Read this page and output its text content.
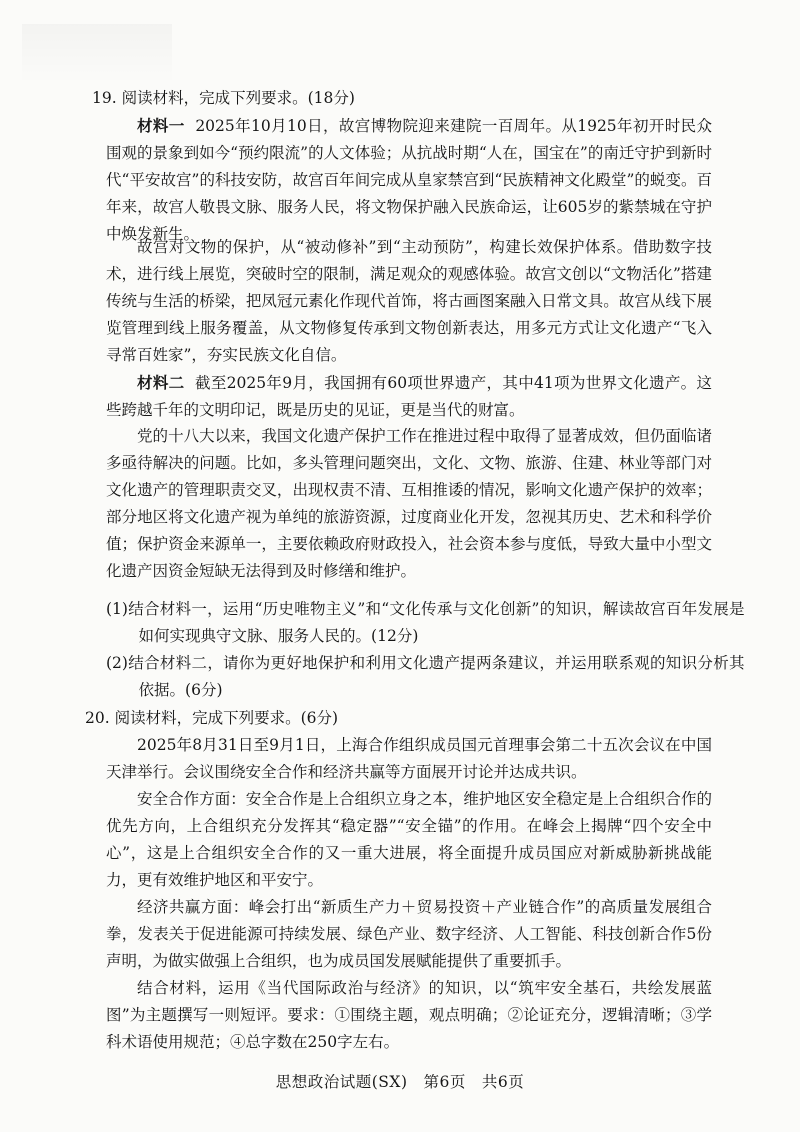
19. 阅读材料，完成下列要求。(18分)

材料一 2025年10月10日，故宫博物院迎来建院一百周年。从1925年初开时民众围观的景象到如今“预约限流”的人文体验；从抗战时期“人在，国宝在”的南迁守护到新时代“平安故宫”的科技安防，故宫百年间完成从皇家禁宫到“民族精神文化殿堂”的蜕变。百年来，故宫人敬畏文脉、服务人民，将文物保护融入民族命运，让605岁的紫禁城在守护中焕发新生。

故宫对文物的保护，从“被动修补”到“主动预防”，构建长效保护体系。借助数字技术，进行线上展览，突破时空的限制，满足观众的观感体验。故宫文创以“文物活化”搭建传统与生活的桥梁，把凤冠元素化作现代首饰，将古画图案融入日常文具。故宫从线下展览管理到线上服务覆盖，从文物修复传承到文物创新表达，用多元方式让文化遗产“飞入寻常百姓家”，夯实民族文化自信。

材料二 截至2025年9月，我国拥有60项世界遗产，其中41项为世界文化遗产。这些跨越千年的文明印记，既是历史的见证，更是当代的财富。

党的十八大以来，我国文化遗产保护工作在推进过程中取得了显著成效，但仍面临诸多亟待解决的问题。比如，多头管理问题突出，文化、文物、旅游、住建、林业等部门对文化遗产的管理职责交叉，出现权责不清、互相推诿的情况，影响文化遗产保护的效率；部分地区将文化遗产视为单纯的旅游资源，过度商业化开发，忽视其历史、艺术和科学价值；保护资金来源单一，主要依赖政府财政投入，社会资本参与度低，导致大量中小型文化遗产因资金短缺无法得到及时修缮和维护。

(1)结合材料一，运用“历史唯物主义”和“文化传承与文化创新”的知识，解读故宫百年发展是如何实现典守文脉、服务人民的。(12分)

(2)结合材料二，请你为更好地保护和利用文化遗产提两条建议，并运用联系观的知识分析其依据。(6分)

20. 阅读材料，完成下列要求。(6分)

2025年8月31日至9月1日，上海合作组织成员国元首理事会第二十五次会议在中国天津举行。会议围绕安全合作和经济共赢等方面展开讨论并达成共识。

安全合作方面：安全合作是上合组织立身之本，维护地区安全稳定是上合组织合作的优先方向，上合组织充分发挥其“稳定器”“安全锚”的作用。在峰会上揭牌“四个安全中心”，这是上合组织安全合作的又一重大进展，将全面提升成员国应对新威胁新挑战能力，更有效维护地区和平安宁。

经济共赢方面：峰会打出“新质生产力＋贸易投资＋产业链合作”的高质量发展组合拳，发表关于促进能源可持续发展、绿色产业、数字经济、人工智能、科技创新合作5份声明，为做实做强上合组织，也为成员国发展赋能提供了重要抓手。

结合材料，运用《当代国际政治与经济》的知识，以“筑牢安全基石，共绘发展蓝图”为主题撰写一则短评。要求：①围绕主题，观点明确；②论证充分，逻辑清晰；③学科术语使用规范；④总字数在250字左右。

思想政治试题(SX)　第6页　共6页
